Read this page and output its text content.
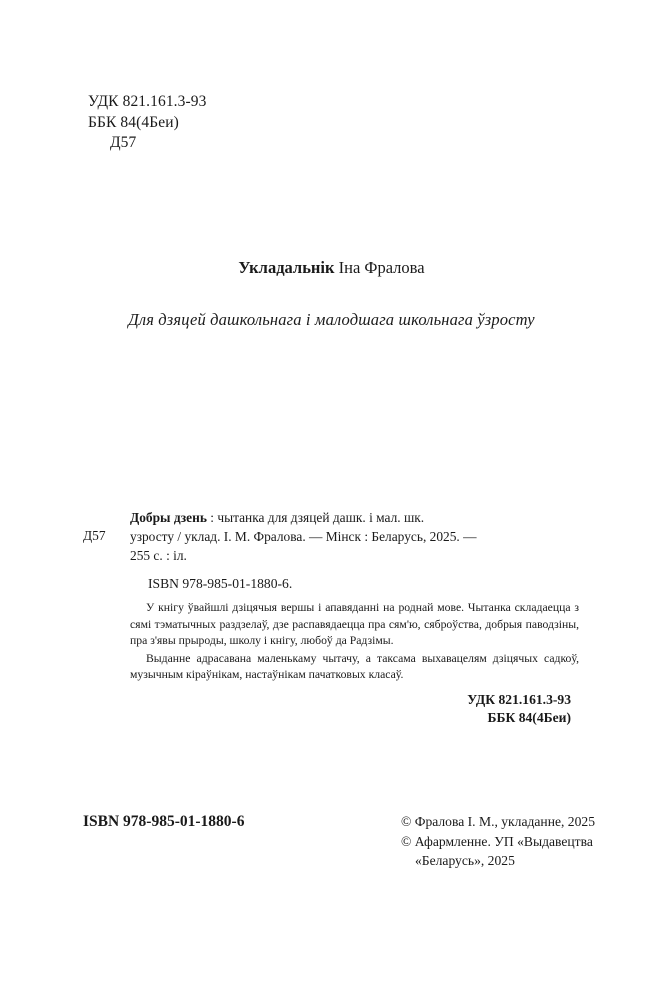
УДК 821.161.3-93
ББК 84(4Беи)
Д57
Укладальнік Іна Фралова
Для дзяцей дашкольнага і малодшага школьнага ўзросту
Д57

Добры дзень : чытанка для дзяцей дашк. і мал. шк.

узросту / уклад. І. М. Фралова. — Мінск : Беларусь, 2025. —

255 с. : іл.

ISBN 978-985-01-1880-6.

У кнігу ўвайшлі дзіцячыя вершы і апавяданні на роднай мове. Чытанка складаецца з сямі тэматычных раздзелаў, дзе распавядаецца пра сям'ю, сяброўства, добрыя паводзіны, пра з'явы прыроды, школу і кнігу, любоў да Радзімы.

Выданне адрасавана маленькаму чытачу, а таксама выхавацелям дзіцячых садкоў, музычным кіраўнікам, настаўнікам пачатковых класаў.

УДК 821.161.3-93
ББК 84(4Беи)
ISBN 978-985-01-1880-6	© Фралова І. М., укладанне, 2025
© Афармленне. УП «Выдавецтва
«Беларусь», 2025
